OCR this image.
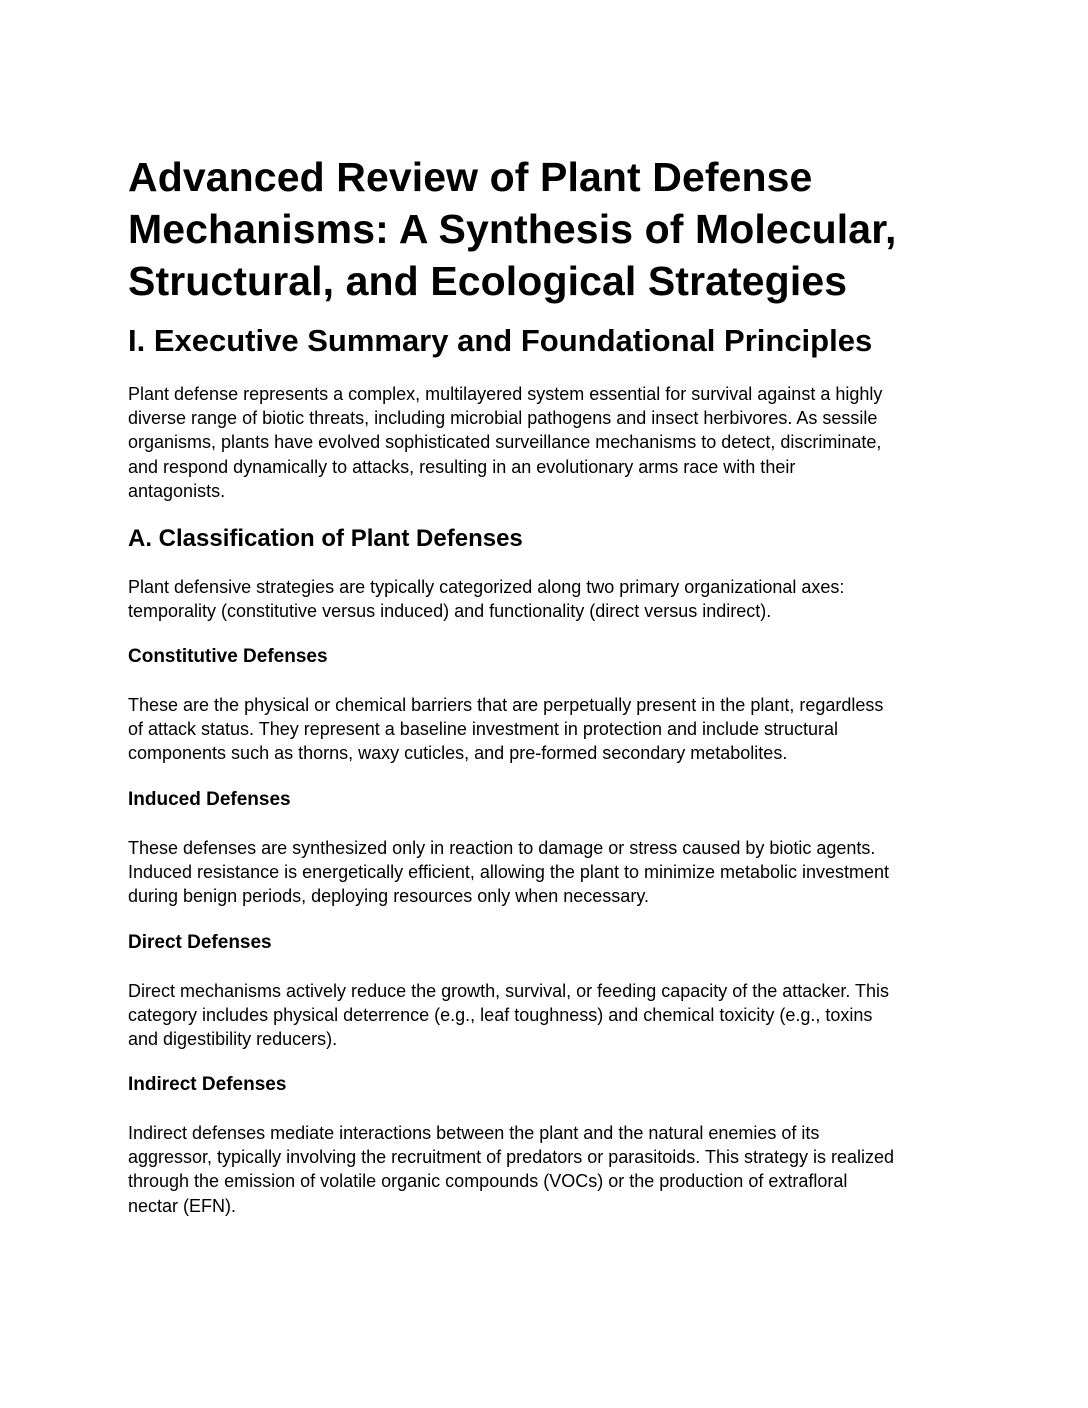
Advanced Review of Plant Defense Mechanisms: A Synthesis of Molecular, Structural, and Ecological Strategies
I. Executive Summary and Foundational Principles

Plant defense represents a complex, multilayered system essential for survival against a highly
diverse range of biotic threats, including microbial pathogens and insect herbivores. As sessile
organisms, plants have evolved sophisticated surveillance mechanisms to detect, discriminate,
and respond dynamically to attacks, resulting in an evolutionary arms race with their
antagonists.

A. Classification of Plant Defenses

Plant defensive strategies are typically categorized along two primary organizational axes:
temporality (constitutive versus induced) and functionality (direct versus indirect).

Constitutive Defenses

These are the physical or chemical barriers that are perpetually present in the plant, regardless
of attack status. They represent a baseline investment in protection and include structural
components such as thorns, waxy cuticles, and pre-formed secondary metabolites.

Induced Defenses

These defenses are synthesized only in reaction to damage or stress caused by biotic agents.
Induced resistance is energetically efficient, allowing the plant to minimize metabolic investment
during benign periods, deploying resources only when necessary.

Direct Defenses

Direct mechanisms actively reduce the growth, survival, or feeding capacity of the attacker. This
category includes physical deterrence (e.g., leaf toughness) and chemical toxicity (e.g., toxins
and digestibility reducers).

Indirect Defenses

Indirect defenses mediate interactions between the plant and the natural enemies of its
aggressor, typically involving the recruitment of predators or parasitoids. This strategy is realized
through the emission of volatile organic compounds (VOCs) or the production of extrafloral
nectar (EFN).
